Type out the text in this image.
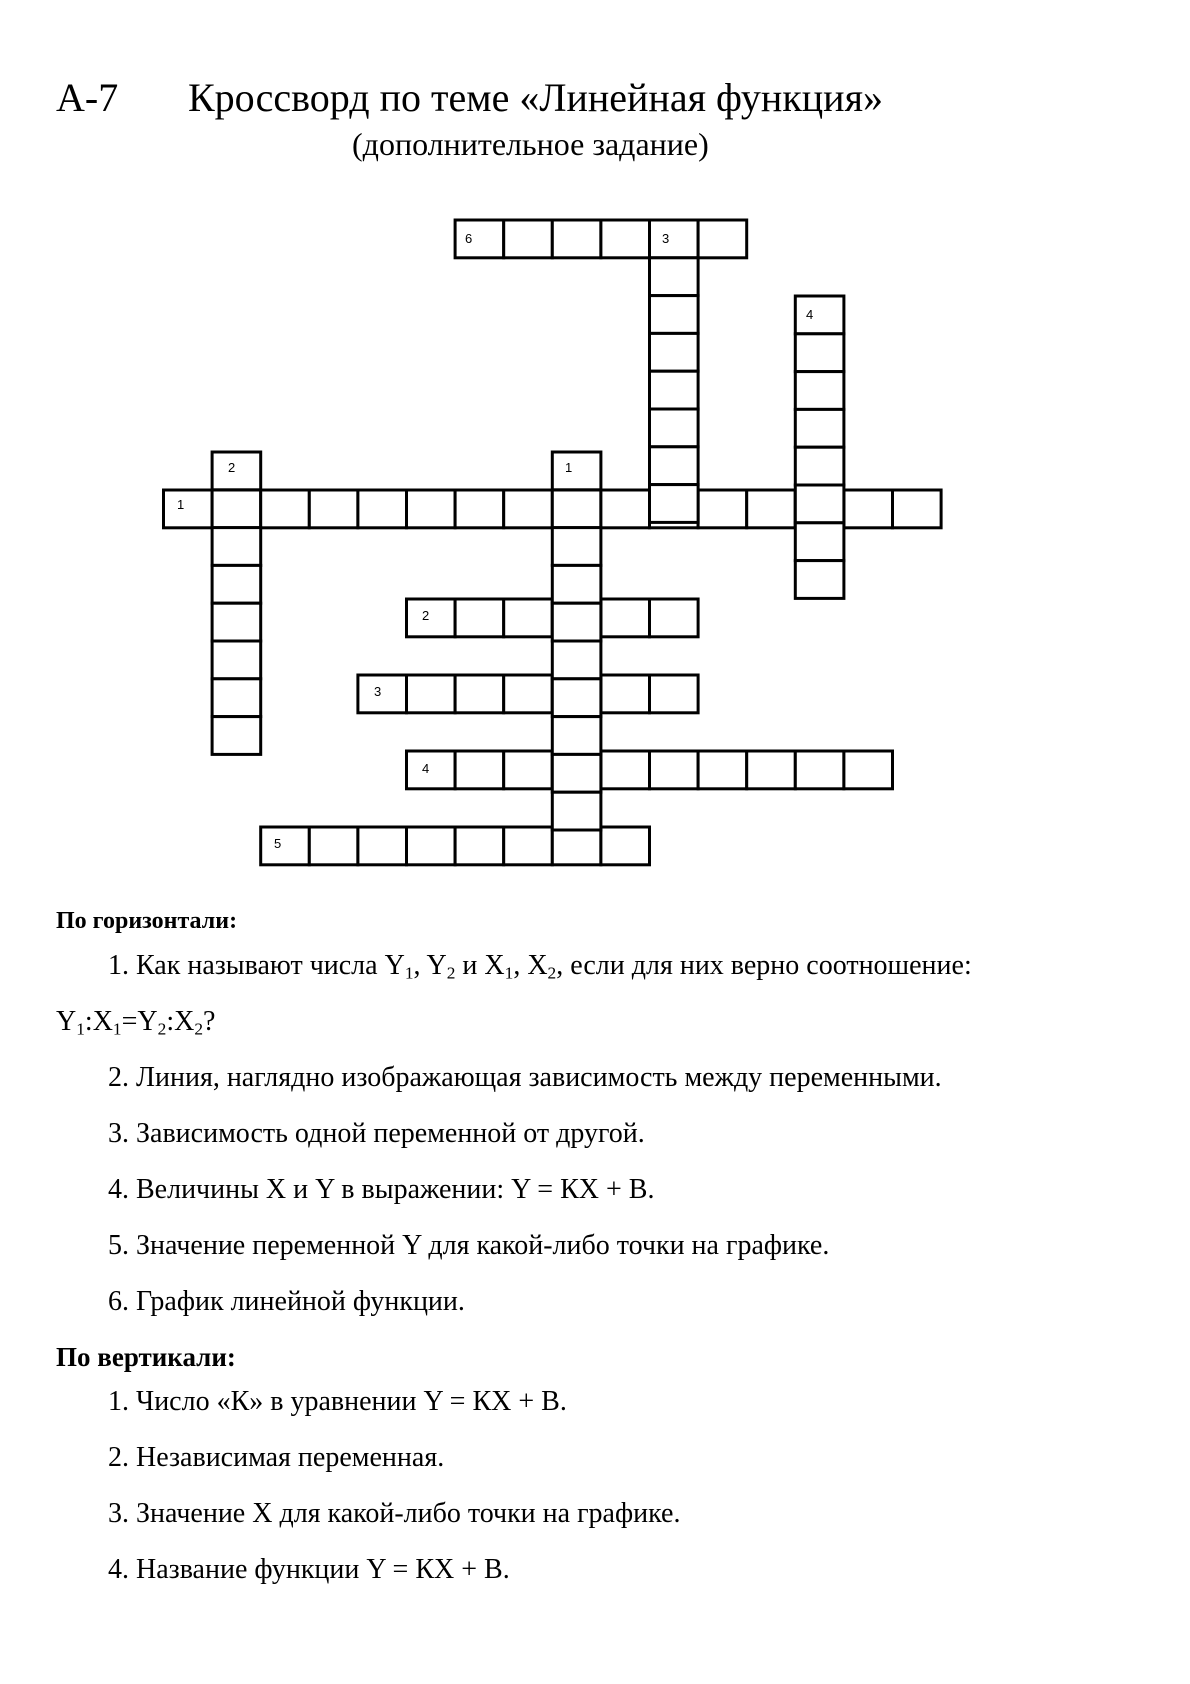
А-7 Кроссворд по теме «Линейная функция»
(дополнительное задание)
1
2
3
4
5
6
1
2
3
4
По горизонтали:

1. Как называют числа $Y_1$, $Y_2$ и $X_1$, $X_2$, если для них верно соотношение:

$Y_1:X_1=Y_2:X_2$?

2. Линия, наглядно изображающая зависимость между переменными.

3. Зависимость одной переменной от другой.

4. Величины X и Y в выражении: Y = КX + В.

5. Значение переменной Y для какой-либо точки на графике.

6. График линейной функции.

По вертикали:

1. Число «К» в уравнении Y = КX + В.

2. Независимая переменная.

3. Значение X для какой-либо точки на графике.

4. Название функции Y = КX + В.
